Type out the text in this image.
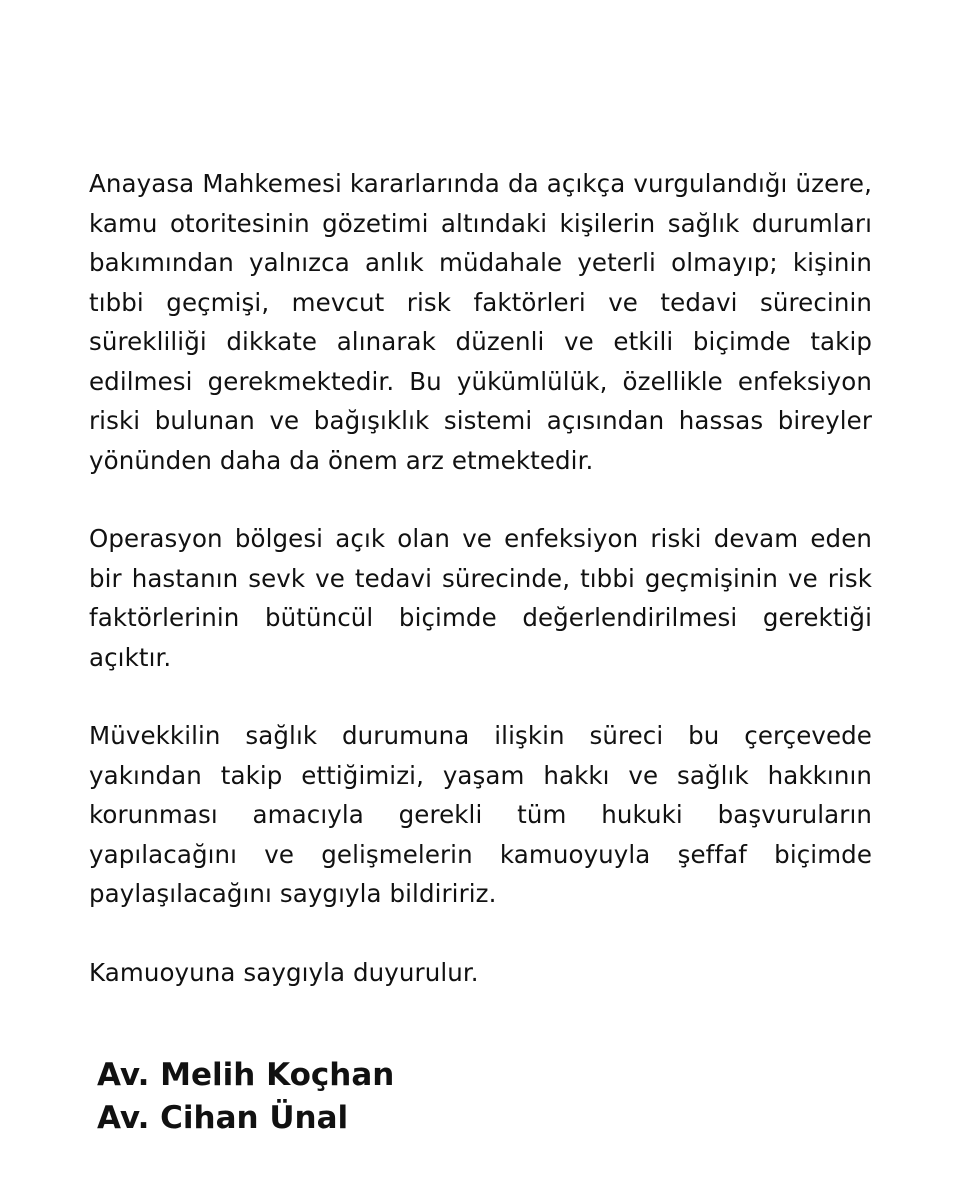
Anayasa Mahkemesi kararlarında da açıkça vurgulandığı üzere, kamu otoritesinin gözetimi altındaki kişilerin sağlık durumları bakımından yalnızca anlık müdahale yeterli olmayıp; kişinin tıbbi geçmişi, mevcut risk faktörleri ve tedavi sürecinin sürekliliği dikkate alınarak düzenli ve etkili biçimde takip edilmesi gerekmektedir. Bu yükümlülük, özellikle enfeksiyon riski bulunan ve bağışıklık sistemi açısından hassas bireyler yönünden daha da önem arz etmektedir.

Operasyon bölgesi açık olan ve enfeksiyon riski devam eden bir hastanın sevk ve tedavi sürecinde, tıbbi geçmişinin ve risk faktörlerinin bütüncül biçimde değerlendirilmesi gerektiği açıktır.

Müvekkilin sağlık durumuna ilişkin süreci bu çerçevede yakından takip ettiğimizi, yaşam hakkı ve sağlık hakkının korunması amacıyla gerekli tüm hukuki başvuruların yapılacağını ve gelişmelerin kamuoyuyla şeffaf biçimde paylaşılacağını saygıyla bildiririz.

Kamuoyuna saygıyla duyurulur.

Av. Melih Koçhan
Av. Cihan Ünal
